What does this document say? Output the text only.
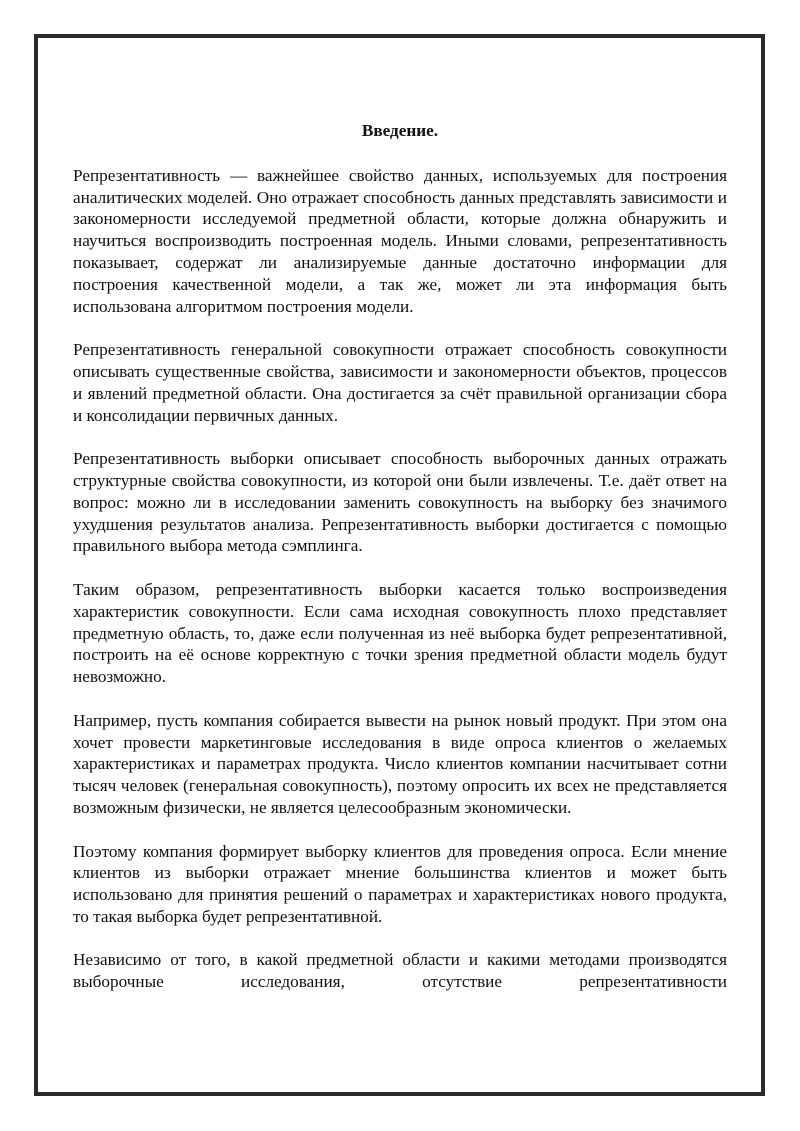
Введение.

Репрезентативность — важнейшее свойство данных, используемых для построения аналитических моделей. Оно отражает способность данных представлять зависимости и закономерности исследуемой предметной области, которые должна обнаружить и научиться воспроизводить построенная модель. Иными словами, репрезентативность показывает, содержат ли анализируемые данные достаточно информации для построения качественной модели, а так же, может ли эта информация быть использована алгоритмом построения модели.

Репрезентативность генеральной совокупности отражает способность совокупности описывать существенные свойства, зависимости и закономерности объектов, процессов и явлений предметной области. Она достигается за счёт правильной организации сбора и консолидации первичных данных.

Репрезентативность выборки описывает способность выборочных данных отражать структурные свойства совокупности, из которой они были извлечены. Т.е. даёт ответ на вопрос: можно ли в исследовании заменить совокупность на выборку без значимого ухудшения результатов анализа. Репрезентативность выборки достигается с помощью правильного выбора метода сэмплинга.

Таким образом, репрезентативность выборки касается только воспроизведения характеристик совокупности. Если сама исходная совокупность плохо представляет предметную область, то, даже если полученная из неё выборка будет репрезентативной, построить на её основе корректную с точки зрения предметной области модель будут невозможно.

Например, пусть компания собирается вывести на рынок новый продукт. При этом она хочет провести маркетинговые исследования в виде опроса клиентов о желаемых характеристиках и параметрах продукта. Число клиентов компании насчитывает сотни тысяч человек (генеральная совокупность), поэтому опросить их всех не представляется возможным физически, не является целесообразным экономически.

Поэтому компания формирует выборку клиентов для проведения опроса. Если мнение клиентов из выборки отражает мнение большинства клиентов и может быть использовано для принятия решений о параметрах и характеристиках нового продукта, то такая выборка будет репрезентативной.

Независимо от того, в какой предметной области и какими методами производятся выборочные исследования, отсутствие репрезентативности
